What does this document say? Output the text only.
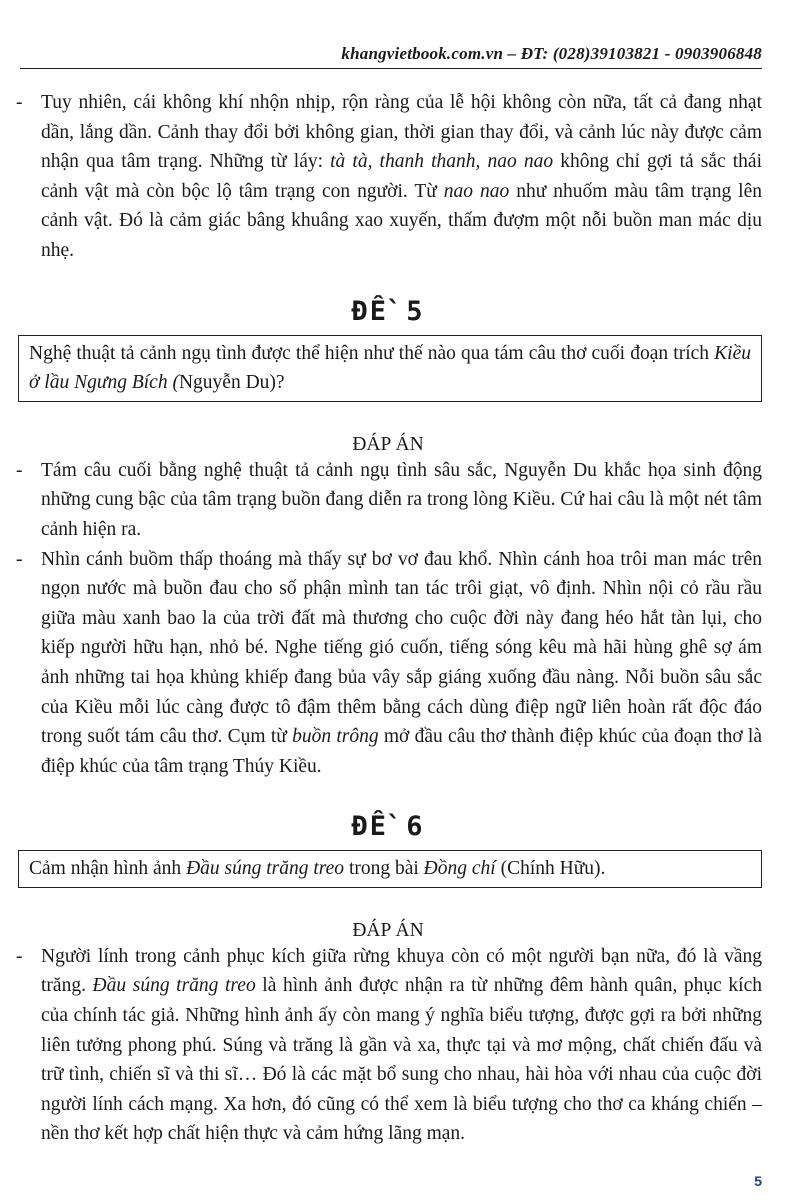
khangvietbook.com.vn – ĐT: (028)39103821 - 0903906848

- Tuy nhiên, cái không khí nhộn nhịp, rộn ràng của lễ hội không còn nữa, tất cả đang nhạt dần, lắng dần. Cảnh thay đổi bởi không gian, thời gian thay đổi, và cảnh lúc này được cảm nhận qua tâm trạng. Những từ láy: tà tà, thanh thanh, nao nao không chỉ gợi tả sắc thái cảnh vật mà còn bộc lộ tâm trạng con người. Từ nao nao như nhuốm màu tâm trạng lên cảnh vật. Đó là cảm giác bâng khuâng xao xuyến, thấm đượm một nỗi buồn man mác dịu nhẹ.

ĐỀ 5
Nghệ thuật tả cảnh ngụ tình được thể hiện như thế nào qua tám câu thơ cuối đoạn trích Kiều ở lầu Ngưng Bích (Nguyễn Du)?

ĐÁP ÁN

- Tám câu cuối bằng nghệ thuật tả cảnh ngụ tình sâu sắc, Nguyễn Du khắc họa sinh động những cung bậc của tâm trạng buồn đang diễn ra trong lòng Kiều. Cứ hai câu là một nét tâm cảnh hiện ra.

- Nhìn cánh buồm thấp thoáng mà thấy sự bơ vơ đau khổ. Nhìn cánh hoa trôi man mác trên ngọn nước mà buồn đau cho số phận mình tan tác trôi giạt, vô định. Nhìn nội cỏ rầu rầu giữa màu xanh bao la của trời đất mà thương cho cuộc đời này đang héo hắt tàn lụi, cho kiếp người hữu hạn, nhỏ bé. Nghe tiếng gió cuốn, tiếng sóng kêu mà hãi hùng ghê sợ ám ảnh những tai họa khủng khiếp đang bủa vây sắp giáng xuống đầu nàng. Nỗi buồn sâu sắc của Kiều mỗi lúc càng được tô đậm thêm bằng cách dùng điệp ngữ liên hoàn rất độc đáo trong suốt tám câu thơ. Cụm từ buồn trông mở đầu câu thơ thành điệp khúc của đoạn thơ là điệp khúc của tâm trạng Thúy Kiều.

ĐỀ 6
Cảm nhận hình ảnh Đầu súng trăng treo trong bài Đồng chí (Chính Hữu).

ĐÁP ÁN

- Người lính trong cảnh phục kích giữa rừng khuya còn có một người bạn nữa, đó là vầng trăng. Đầu súng trăng treo là hình ảnh được nhận ra từ những đêm hành quân, phục kích của chính tác giả. Những hình ảnh ấy còn mang ý nghĩa biểu tượng, được gợi ra bởi những liên tưởng phong phú. Súng và trăng là gần và xa, thực tại và mơ mộng, chất chiến đấu và trữ tình, chiến sĩ và thi sĩ… Đó là các mặt bổ sung cho nhau, hài hòa với nhau của cuộc đời người lính cách mạng. Xa hơn, đó cũng có thể xem là biểu tượng cho thơ ca kháng chiến – nền thơ kết hợp chất hiện thực và cảm hứng lãng mạn.

5
